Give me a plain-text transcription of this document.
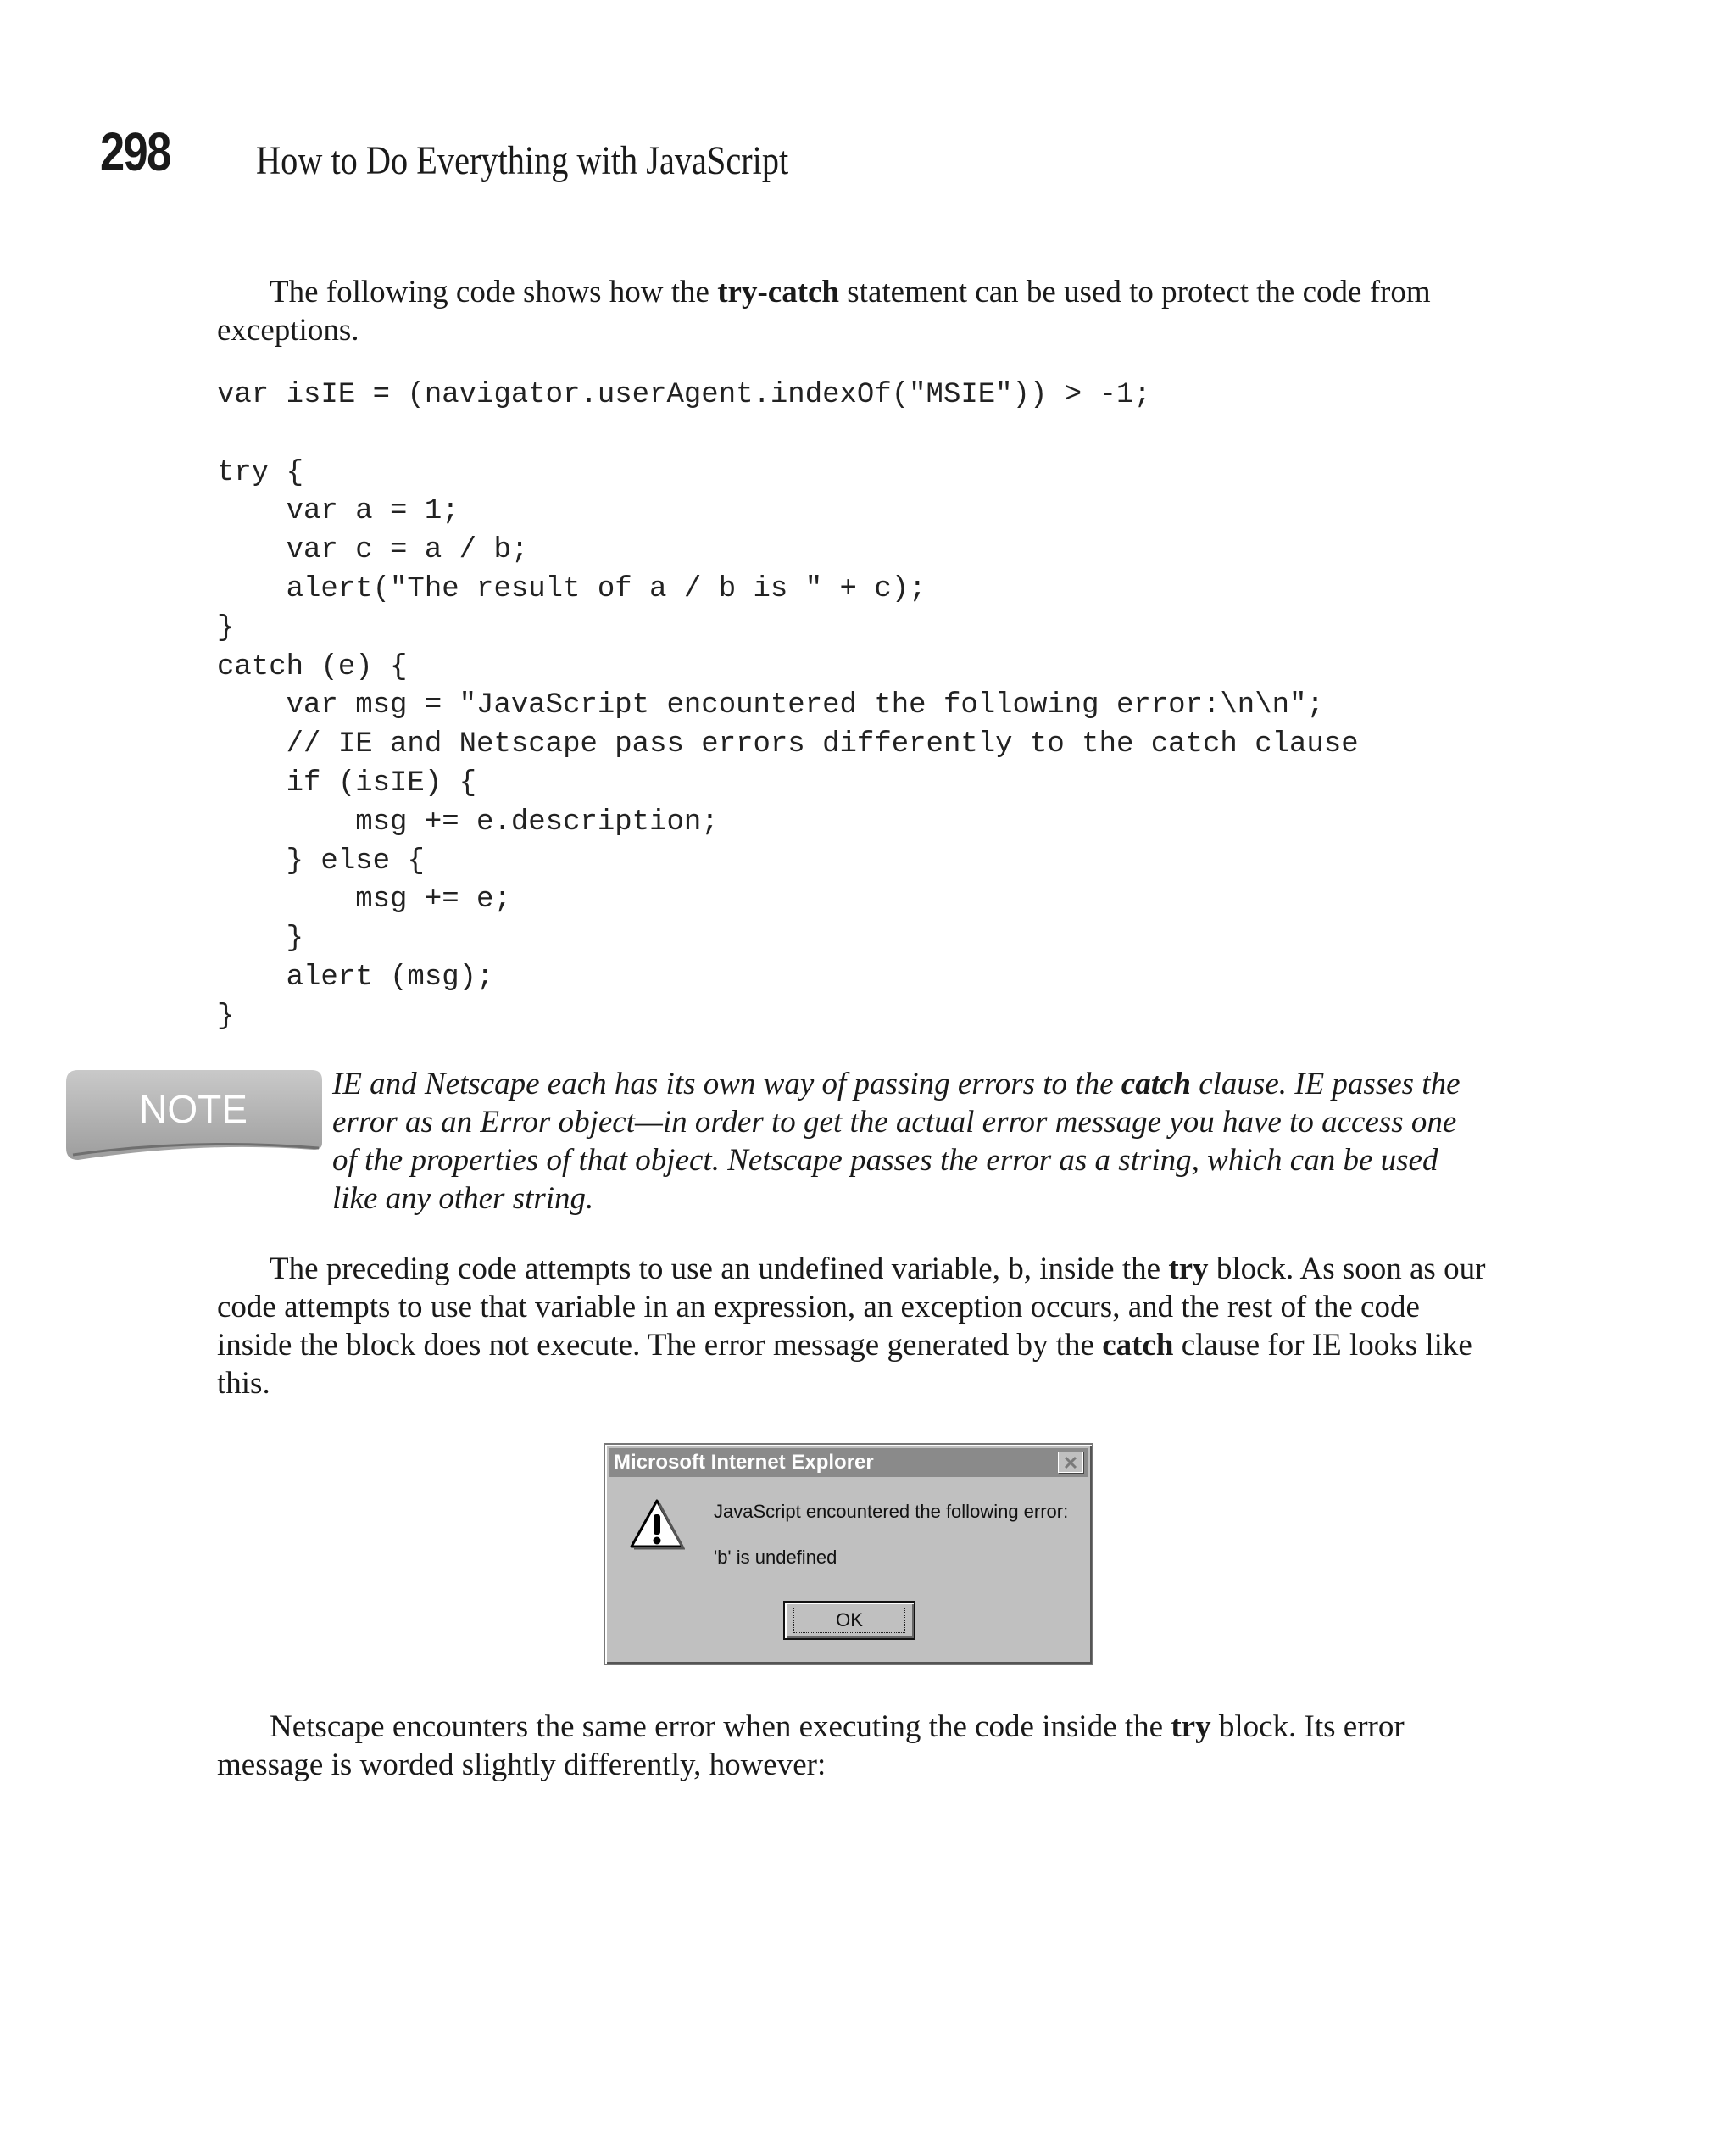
298 How to Do Everything with JavaScript

The following code shows how the try-catch statement can be used to protect the code from exceptions.

var isIE = (navigator.userAgent.indexOf("MSIE")) > -1;

try {
var a = 1;
var c = a / b;
alert("The result of a / b is " + c);
}
catch (e) {
var msg = "JavaScript encountered the following error:\n\n";
// IE and Netscape pass errors differently to the catch clause
if (isIE) {
msg += e.description;
} else {
msg += e;
}
alert (msg);
}
NOTE

IE and Netscape each has its own way of passing errors to the catch clause. IE passes the error as an Error object—in order to get the actual error message you have to access one of the properties of that object. Netscape passes the error as a string, which can be used like any other string.

The preceding code attempts to use an undefined variable, b, inside the try block. As soon as our code attempts to use that variable in an expression, an exception occurs, and the rest of the code inside the block does not execute. The error message generated by the catch clause for IE looks like this.

Microsoft Internet Explorer
JavaScript encountered the following error:
'b' is undefined
OK

Netscape encounters the same error when executing the code inside the try block. Its error message is worded slightly differently, however:
